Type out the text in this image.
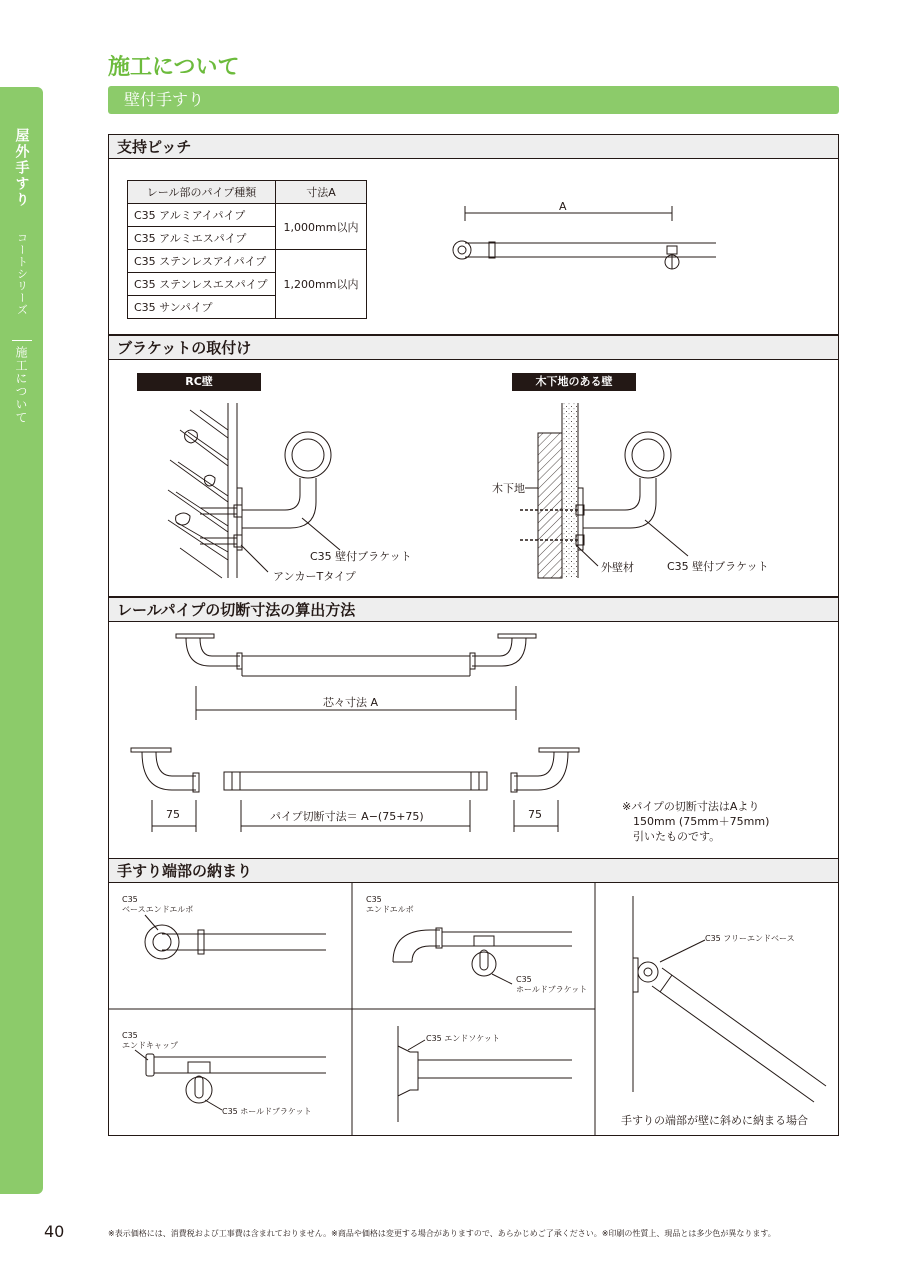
屋外手すり
コートシリーズ
施工について
施工について
壁付手すり
支持ピッチ
ブラケットの取付け
レールパイプの切断寸法の算出方法
手すり端部の納まり
レール部のパイプ種類	寸法A
C35 アルミアイパイプ	1,000mm以内
C35 アルミエスパイプ	
C35 ステンレスアイパイプ	1,200mm以内
C35 ステンレスエスパイプ	
C35 サンパイプ	
A
RC壁	木下地のある壁
C35 壁付ブラケット
アンカーTタイプ
木下地
外壁材	C35 壁付ブラケット
芯々寸法 A
75	パイプ切断寸法＝ A−(75+75)	75
※パイプの切断寸法はAより
　150mm (75mm＋75mm)
　引いたものです。
C35
ベースエンドエルボ
C35
エンドエルボ
C35
ホールドブラケット
C35 フリーエンドベース
手すりの端部が壁に斜めに納まる場合
C35
エンドキャップ
C35 ホールドブラケット
C35 エンドソケット
40	※表示価格には、消費税および工事費は含まれておりません。※商品や価格は変更する場合がありますので、あらかじめご了承ください。※印刷の性質上、現品とは多少色が異なります。
